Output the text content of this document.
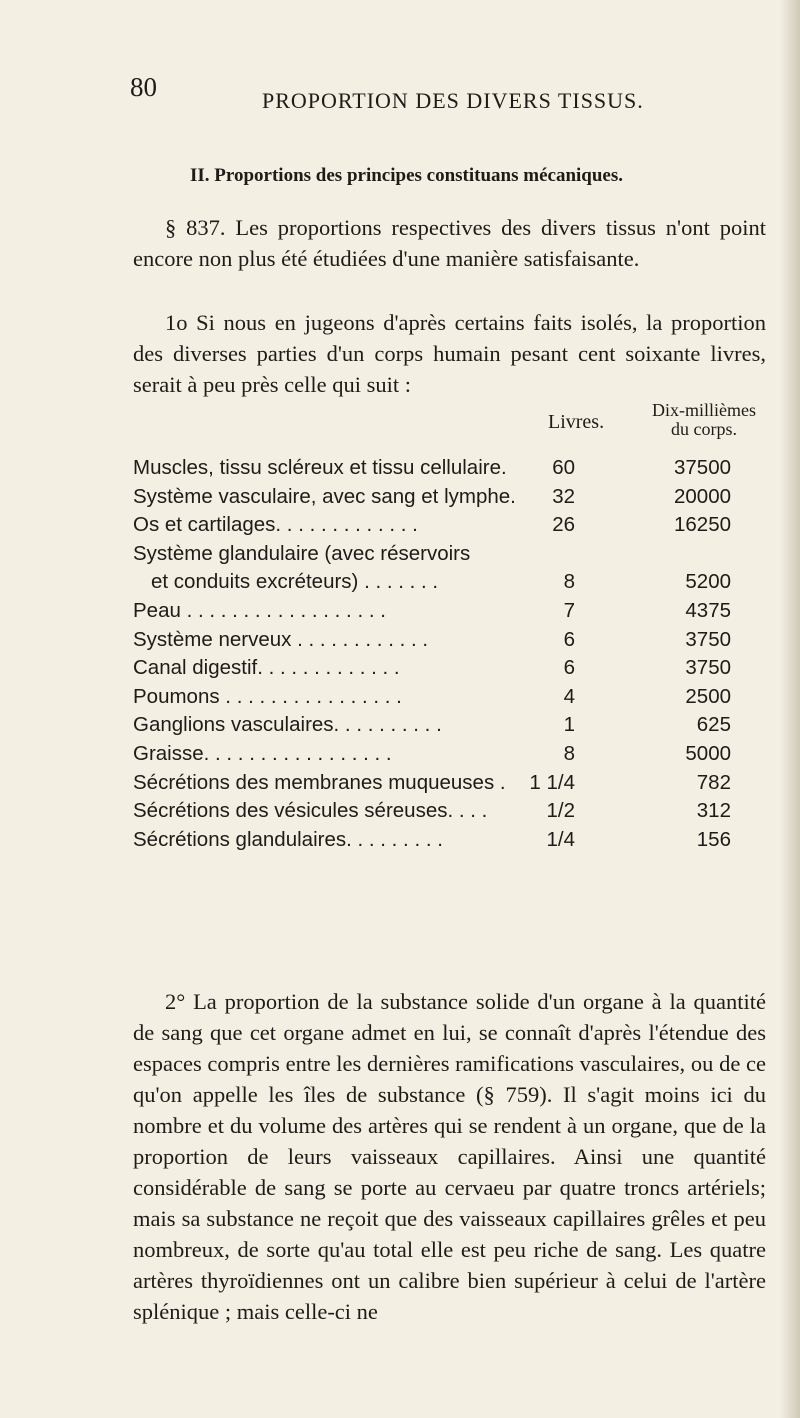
80	PROPORTION DES DIVERS TISSUS.
II. Proportions des principes constituans mécaniques.

§ 837. Les proportions respectives des divers tissus n'ont point encore non plus été étudiées d'une manière satisfaisante.

1o Si nous en jugeons d'après certains faits isolés, la proportion des diverses parties d'un corps humain pesant cent soixante livres, serait à peu près celle qui suit :

Livres.
Dix-millièmes
du corps.
Muscles, tissu scléreux et tissu cellulaire. 60	37500
Système vasculaire, avec sang et lymphe. 32	20000
Os et cartilages. . . . . . . . . . . . .	26	16250
Système glandulaire (avec réservoirs
et conduits excréteurs) . . . . . . .	8	5200
Peau . . . . . . . . . . . . . . . . . .	7	4375
Système nerveux . . . . . . . . . . . .	6	3750
Canal digestif. . . . . . . . . . . . .	6	3750
Poumons . . . . . . . . . . . . . . . .	4	2500
Ganglions vasculaires. . . . . . . . . .	1	625
Graisse. . . . . . . . . . . . . . . . .	8	5000
Sécrétions des membranes muqueuses . 1 1/4	782
Sécrétions des vésicules séreuses. . . .	1/2	312
Sécrétions glandulaires. . . . . . . . .	1/4	156

2° La proportion de la substance solide d'un organe à la quantité de sang que cet organe admet en lui, se connaît d'après l'étendue des espaces compris entre les dernières ramifications vasculaires, ou de ce qu'on appelle les îles de substance (§ 759). Il s'agit moins ici du nombre et du volume des artères qui se rendent à un organe, que de la proportion de leurs vaisseaux capillaires. Ainsi une quantité considérable de sang se porte au cervaeu par quatre troncs artériels; mais sa substance ne reçoit que des vaisseaux capillaires grêles et peu nombreux, de sorte qu'au total elle est peu riche de sang. Les quatre artères thyroïdiennes ont un calibre bien supérieur à celui de l'artère splénique ; mais celle-ci ne
